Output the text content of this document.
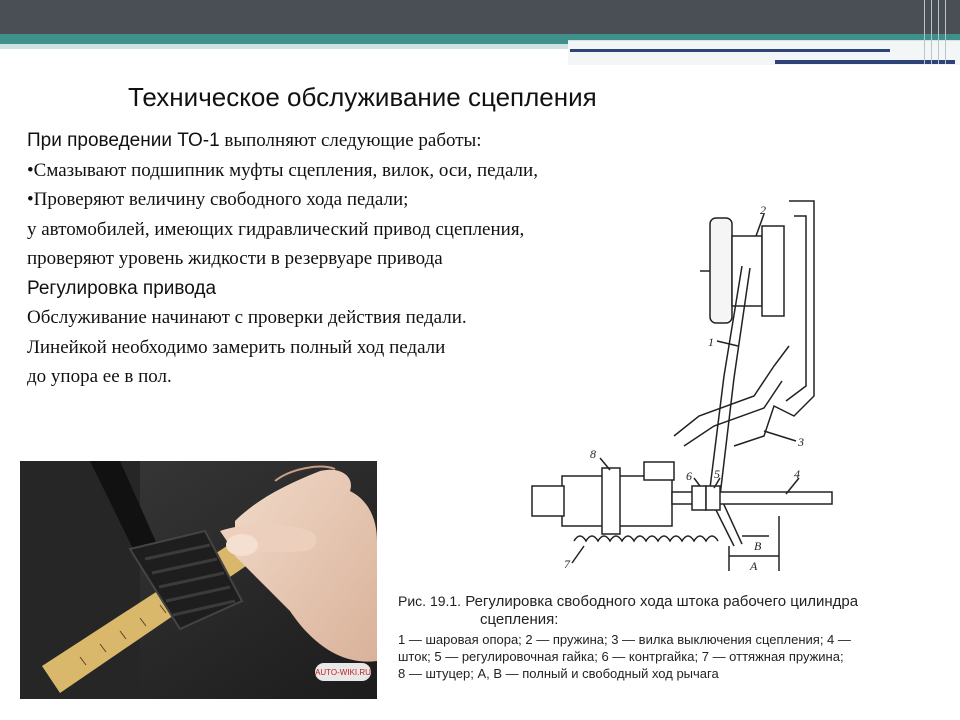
Техническое обслуживание сцепления
При проведении ТО-1 выполняют следующие работы:
•Смазывают подшипник муфты сцепления, вилок, оси, педали,
•Проверяют величину свободного хода педали;
у автомобилей, имеющих гидравлический привод сцепления,
проверяют уровень жидкости в резервуаре привода
Регулировка привода
Обслуживание начинают с проверки действия педали.
Линейкой необходимо замерить полный ход педали
до упора ее в пол.
AUTO-WIKI.RU
1
2
3
4
5
6
7
8
A
B
Рис. 19.1. Регулировка свободного хода штока рабочего цилиндра
сцепления:
1 — шаровая опора; 2 — пружина; 3 — вилка выключения сцепления; 4 —
шток; 5 — регулировочная гайка; 6 — контргайка; 7 — оттяжная пружина;
8 — штуцер; А, В — полный и свободный ход рычага
